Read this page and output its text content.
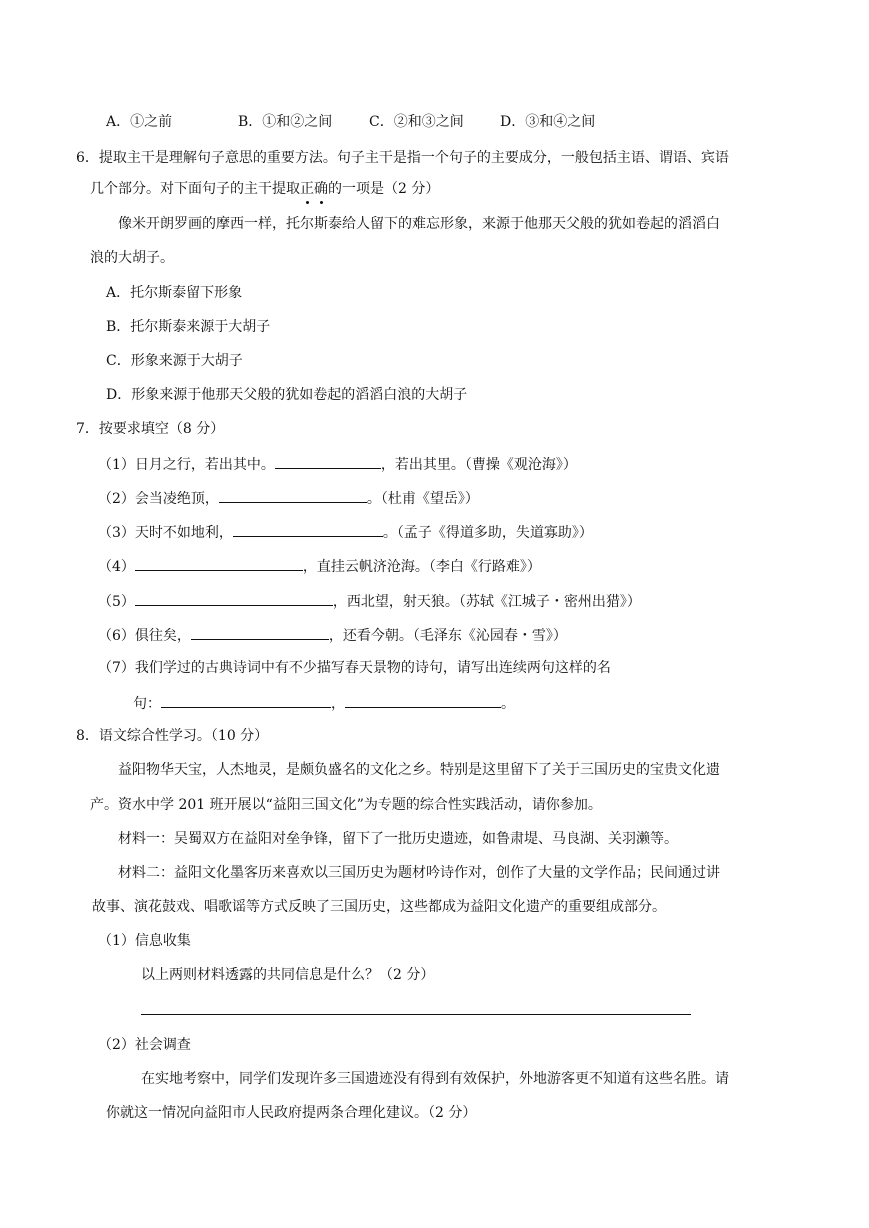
A．①之前	B．①和②之间	C．②和③之间	D．③和④之间
6．提取主干是理解句子意思的重要方法。句子主干是指一个句子的主要成分，一般包括主语、谓语、宾语
几个部分。对下面句子的主干提取正确的一项是（2 分）
像米开朗罗画的摩西一样，托尔斯泰给人留下的难忘形象，来源于他那天父般的犹如卷起的滔滔白
浪的大胡子。
A．托尔斯泰留下形象
B．托尔斯泰来源于大胡子
C．形象来源于大胡子
D．形象来源于他那天父般的犹如卷起的滔滔白浪的大胡子
7．按要求填空（8 分）
（1）日月之行，若出其中。	，若出其里。（曹操《观沧海》）
（2）会当凌绝顶，	。（杜甫《望岳》）
（3）天时不如地利，	。（孟子《得道多助，失道寡助》）
（4）	，直挂云帆济沧海。（李白《行路难》）
（5）	，西北望，射天狼。（苏轼《江城子・密州出猎》）
（6）俱往矣，	，还看今朝。（毛泽东《沁园春・雪》）
（7）我们学过的古典诗词中有不少描写春天景物的诗句，请写出连续两句这样的名
句：	，	。
8．语文综合性学习。（10 分）
益阳物华天宝，人杰地灵，是颇负盛名的文化之乡。特别是这里留下了关于三国历史的宝贵文化遗
产。资水中学 201 班开展以“益阳三国文化”为专题的综合性实践活动，请你参加。
材料一：吴蜀双方在益阳对垒争锋，留下了一批历史遗迹，如鲁肃堤、马良湖、关羽濑等。
材料二：益阳文化墨客历来喜欢以三国历史为题材吟诗作对，创作了大量的文学作品；民间通过讲
故事、演花鼓戏、唱歌谣等方式反映了三国历史，这些都成为益阳文化遗产的重要组成部分。
（1）信息收集
以上两则材料透露的共同信息是什么？（2 分）
（2）社会调查
在实地考察中，同学们发现许多三国遗迹没有得到有效保护，外地游客更不知道有这些名胜。请
你就这一情况向益阳市人民政府提两条合理化建议。（2 分）
